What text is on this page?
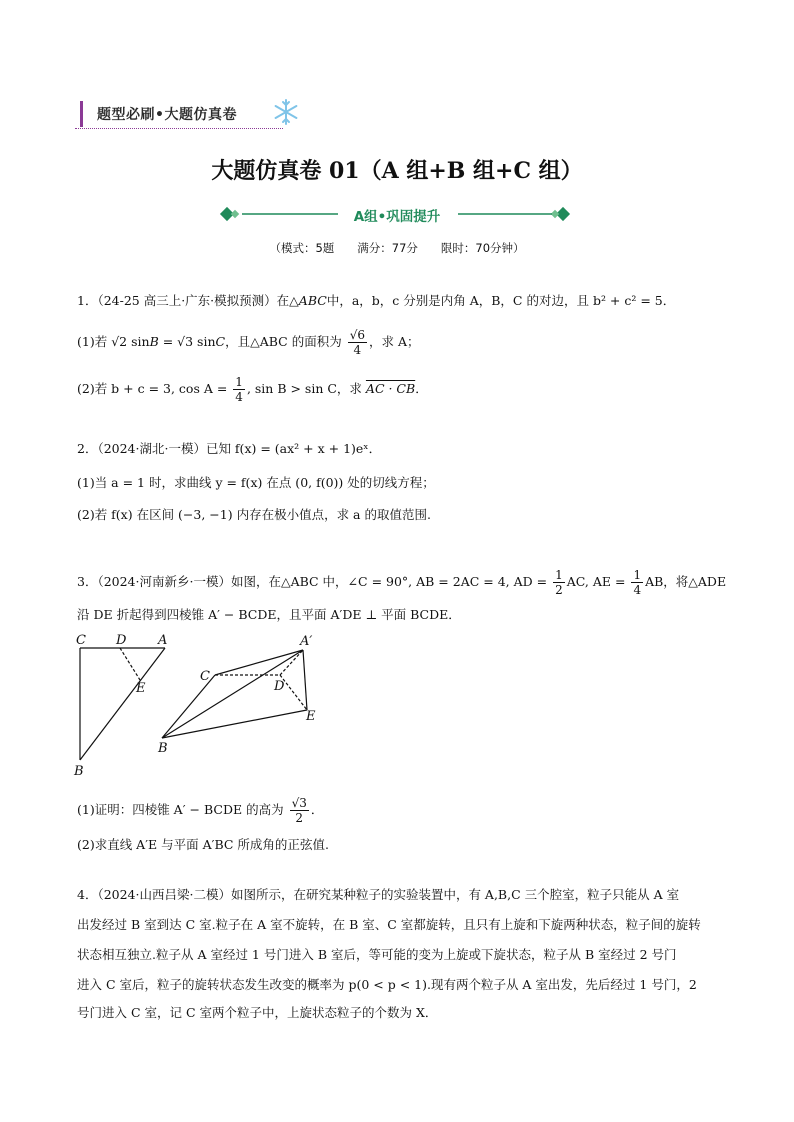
题型必刷•大题仿真卷
大题仿真卷 01（A 组+B 组+C 组）
A组•巩固提升
（模式：5题　　满分：77分　　限时：70分钟）
1．（24-25 高三上·广东·模拟预测）在△ABC中，a，b，c 分别是内角 A，B，C 的对边，且 b² + c² = 5．
(1)若 √2 sinB = √3 sinC，且△ABC 的面积为 $\frac{√6}{4}$ ，求 A；
(2)若 b + c = 3, $\cos A = \frac{1}{4}$ , sin B > sin C，求 AC · CB．
2．（2024·湖北·一模）已知 f(x) = (ax² + x + 1)eˣ．
(1)当 a = 1 时，求曲线 y = f(x) 在点 (0, f(0)) 处的切线方程；
(2)若 f(x) 在区间 (−3, −1) 内存在极小值点，求 a 的取值范围.
3．（2024·河南新乡·一模）如图，在△ABC 中，∠C = 90°, AB = 2AC = 4, AD = $\frac{1}{2}$ AC, AE = $\frac{1}{4}$ AB，将△ADE
沿 DE 折起得到四棱锥 A′ − BCDE，且平面 A′DE ⊥ 平面 BCDE．
C D A
E
B
A′
C
D
E
B
(1)证明：四棱锥 A′ − BCDE 的高为 $\frac{√3}{2}$ ．
(2)求直线 A′E 与平面 A′BC 所成角的正弦值.
4．（2024·山西吕梁·二模）如图所示，在研究某种粒子的实验装置中，有 A,B,C 三个腔室，粒子只能从 A 室
出发经过 B 室到达 C 室.粒子在 A 室不旋转，在 B 室、C 室都旋转，且只有上旋和下旋两种状态，粒子间的旋转
状态相互独立.粒子从 A 室经过 1 号门进入 B 室后，等可能的变为上旋或下旋状态，粒子从 B 室经过 2 号门
进入 C 室后，粒子的旋转状态发生改变的概率为 p(0 < p < 1).现有两个粒子从 A 室出发，先后经过 1 号门，2
号门进入 C 室，记 C 室两个粒子中，上旋状态粒子的个数为 X．
